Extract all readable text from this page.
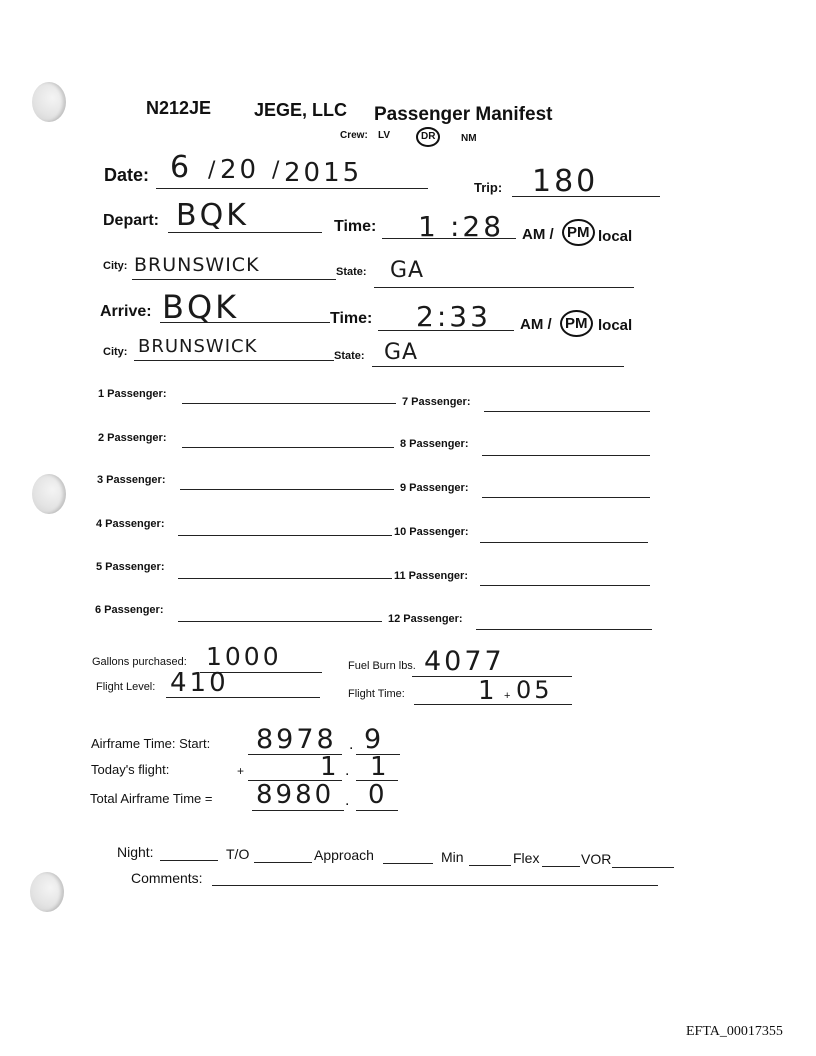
N212JE JEGE, LLC Passenger Manifest
Crew: LV	DR	NM
Date: 6 / 20 / 2015	Trip: 180
Depart: BQK	Time: 1 :28 AM / PM local
City: BRUNSWICK	State: GA
Arrive: BQK	Time: 2:33 AM / PM local
City: BRUNSWICK	State: GA
1 Passenger:
2 Passenger:
3 Passenger:
4 Passenger:
5 Passenger:
6 Passenger:
7 Passenger:
8 Passenger:
9 Passenger:
10 Passenger:
11 Passenger:
12 Passenger:
Gallons purchased: 1000	Fuel Burn lbs. 4077
Flight Level: 410	Flight Time:	1 + 05
Airframe Time: Start: 8978 . 9
Today's flight:	+	1 . 1
Total Airframe Time = 8980 . 0
Night:	T/O	Approach	Min	Flex	VOR
Comments:
EFTA_00017355
